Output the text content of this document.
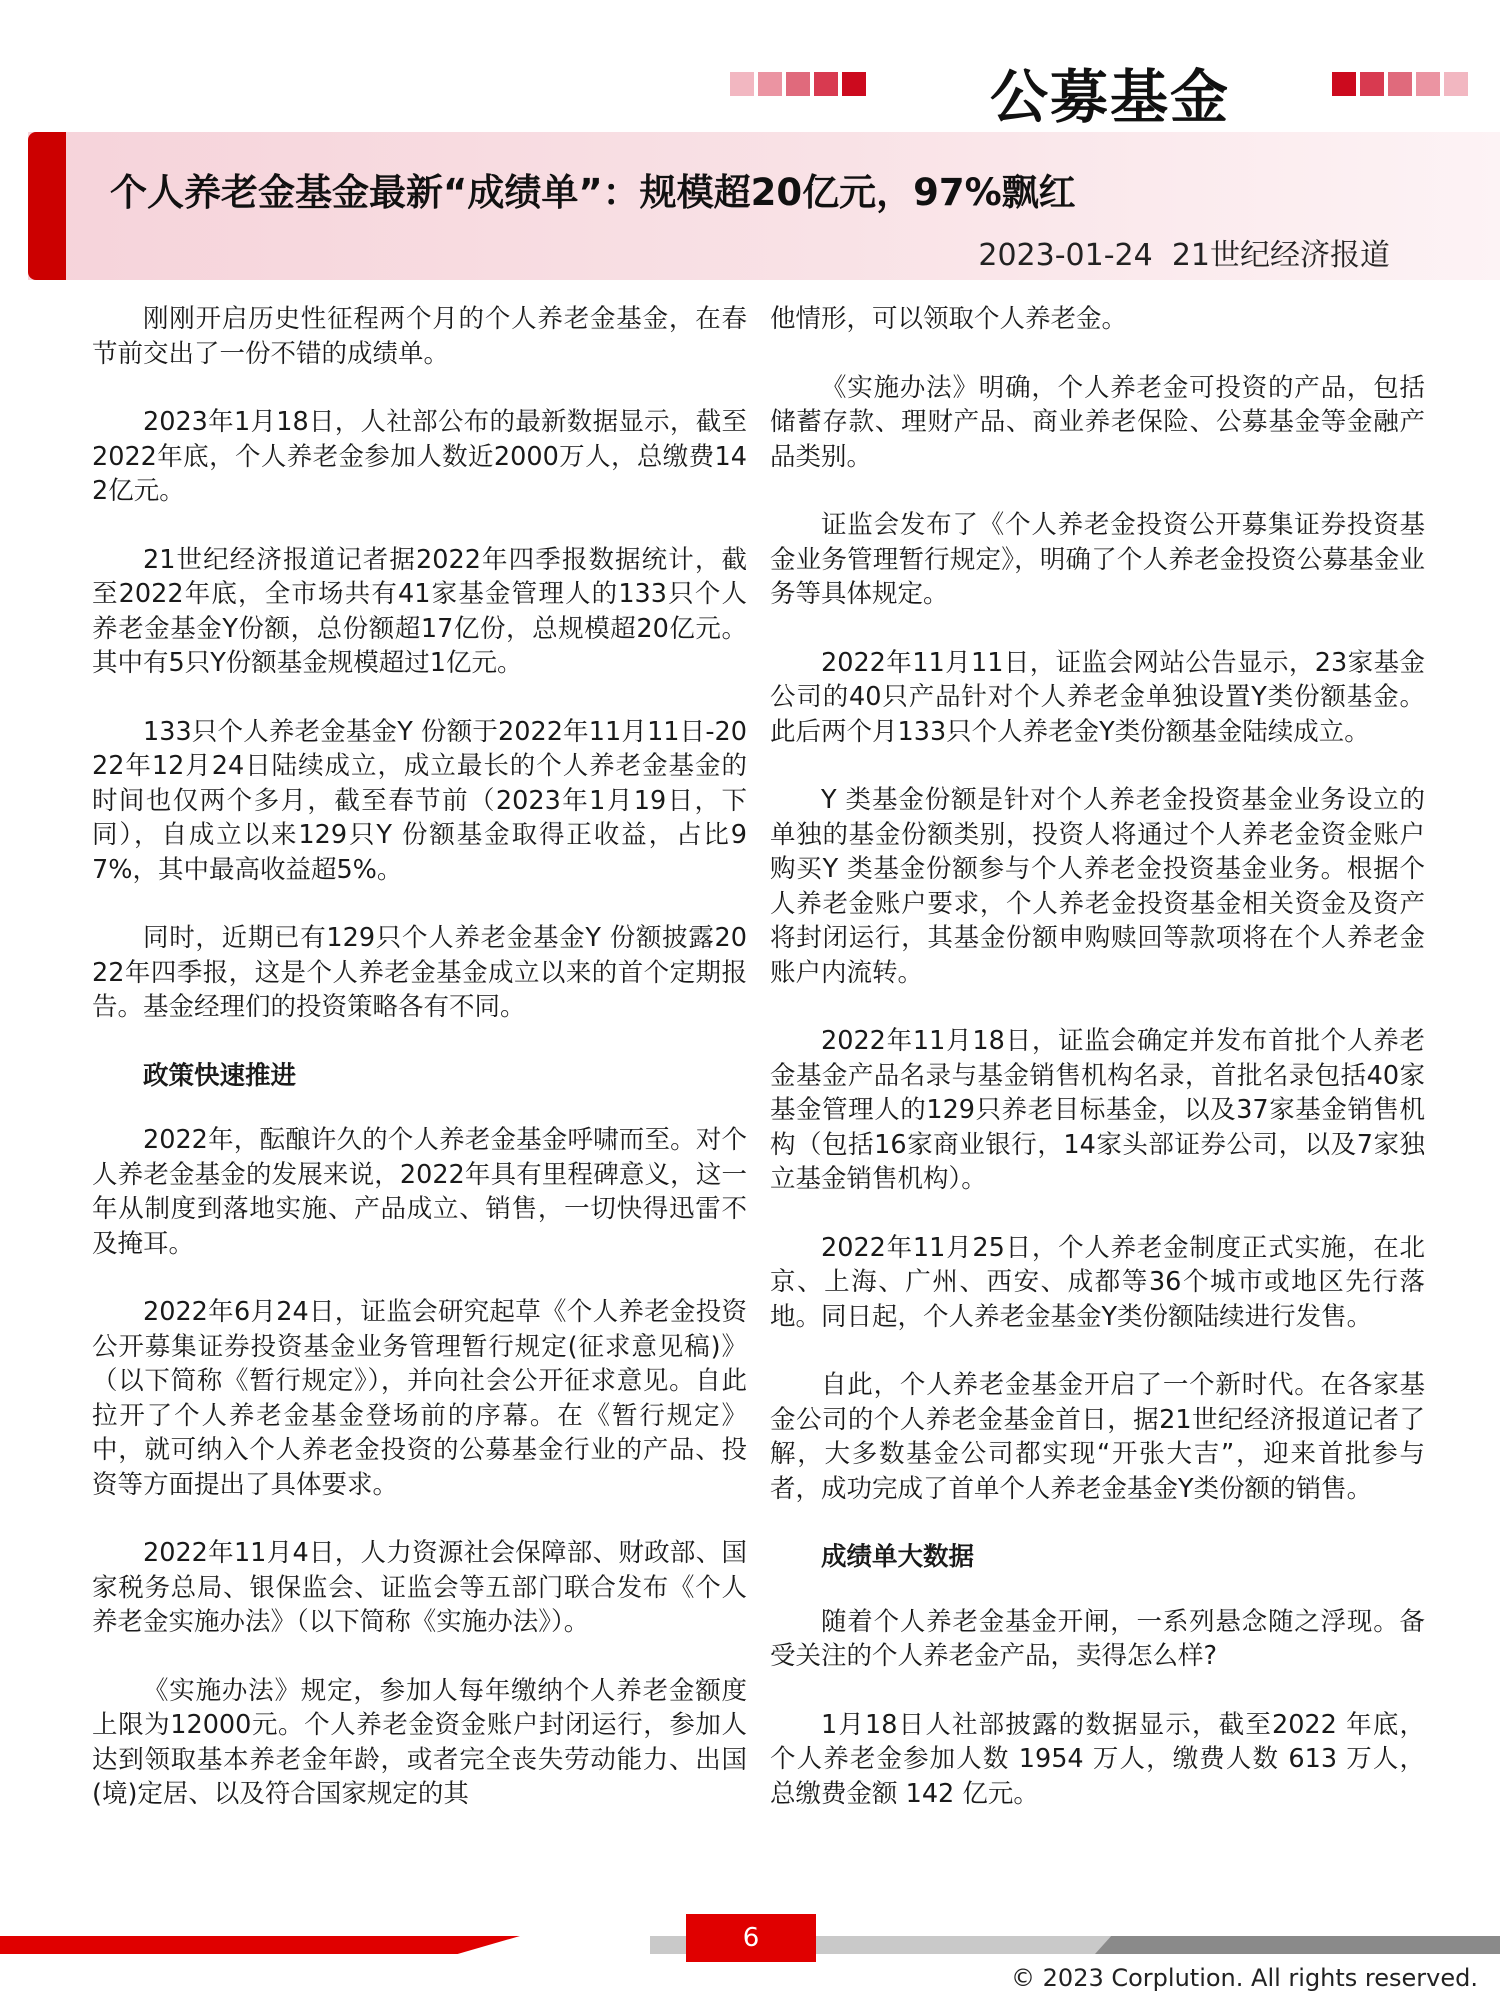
公募基金
个人养老金基金最新“成绩单”：规模超20亿元，97%飘红
2023-01-24 21世纪经济报道

刚刚开启历史性征程两个月的个人养老金基金，在春节前交出了一份不错的成绩单。

2023年1月18日，人社部公布的最新数据显示，截至2022年底，个人养老金参加人数近2000万人，总缴费142亿元。

21世纪经济报道记者据2022年四季报数据统计，截至2022年底，全市场共有41家基金管理人的133只个人养老金基金Y份额，总份额超17亿份，总规模超20亿元。其中有5只Y份额基金规模超过1亿元。

133只个人养老金基金Y 份额于2022年11月11日-2022年12月24日陆续成立，成立最长的个人养老金基金的时间也仅两个多月，截至春节前（2023年1月19日，下同），自成立以来129只Y 份额基金取得正收益，占比97%，其中最高收益超5%。

同时，近期已有129只个人养老金基金Y 份额披露2022年四季报，这是个人养老金基金成立以来的首个定期报告。基金经理们的投资策略各有不同。

政策快速推进

2022年，酝酿许久的个人养老金基金呼啸而至。对个人养老金基金的发展来说，2022年具有里程碑意义，这一年从制度到落地实施、产品成立、销售，一切快得迅雷不及掩耳。

2022年6月24日，证监会研究起草《个人养老金投资公开募集证券投资基金业务管理暂行规定(征求意见稿)》（以下简称《暂行规定》），并向社会公开征求意见。自此拉开了个人养老金基金登场前的序幕。在《暂行规定》中，就可纳入个人养老金投资的公募基金行业的产品、投资等方面提出了具体要求。

2022年11月4日，人力资源社会保障部、财政部、国家税务总局、银保监会、证监会等五部门联合发布《个人养老金实施办法》（以下简称《实施办法》）。

《实施办法》规定，参加人每年缴纳个人养老金额度上限为12000元。个人养老金资金账户封闭运行，参加人达到领取基本养老金年龄，或者完全丧失劳动能力、出国(境)定居、以及符合国家规定的其

他情形，可以领取个人养老金。

《实施办法》明确，个人养老金可投资的产品，包括储蓄存款、理财产品、商业养老保险、公募基金等金融产品类别。

证监会发布了《个人养老金投资公开募集证券投资基金业务管理暂行规定》，明确了个人养老金投资公募基金业务等具体规定。

2022年11月11日，证监会网站公告显示，23家基金公司的40只产品针对个人养老金单独设置Y类份额基金。此后两个月133只个人养老金Y类份额基金陆续成立。

Y 类基金份额是针对个人养老金投资基金业务设立的单独的基金份额类别，投资人将通过个人养老金资金账户购买Y 类基金份额参与个人养老金投资基金业务。根据个人养老金账户要求，个人养老金投资基金相关资金及资产将封闭运行，其基金份额申购赎回等款项将在个人养老金账户内流转。

2022年11月18日，证监会确定并发布首批个人养老金基金产品名录与基金销售机构名录，首批名录包括40家基金管理人的129只养老目标基金，以及37家基金销售机构（包括16家商业银行，14家头部证券公司，以及7家独立基金销售机构）。

2022年11月25日，个人养老金制度正式实施，在北京、上海、广州、西安、成都等36个城市或地区先行落地。同日起，个人养老金基金Y类份额陆续进行发售。

自此，个人养老金基金开启了一个新时代。在各家基金公司的个人养老金基金首日，据21世纪经济报道记者了解，大多数基金公司都实现“开张大吉”，迎来首批参与者，成功完成了首单个人养老金基金Y类份额的销售。

成绩单大数据

随着个人养老金基金开闸，一系列悬念随之浮现。备受关注的个人养老金产品，卖得怎么样?

1月18日人社部披露的数据显示，截至2022 年底，个人养老金参加人数 1954 万人，缴费人数 613 万人，总缴费金额 142 亿元。

6
© 2023 Corplution. All rights reserved.
